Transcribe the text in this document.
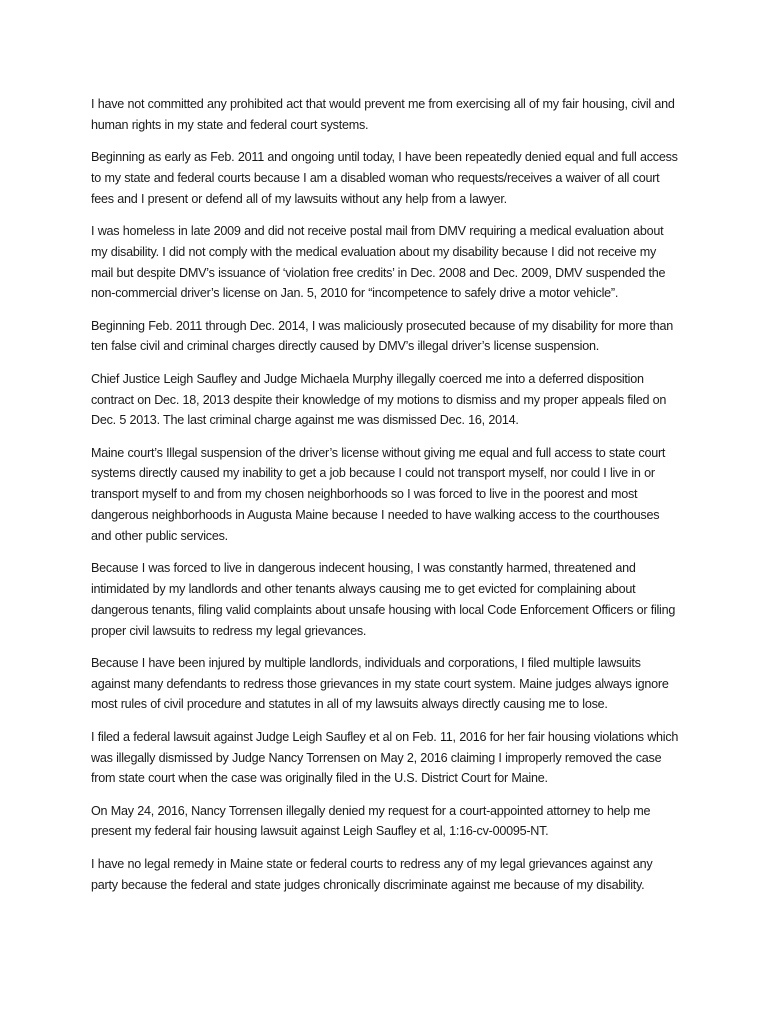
I have not committed any prohibited act that would prevent me from exercising all of my fair housing, civil and human rights in my state and federal court systems.

Beginning as early as Feb. 2011 and ongoing until today, I have been repeatedly denied equal and full access to my state and federal courts because I am a disabled woman who requests/receives a waiver of all court fees and I present or defend all of my lawsuits without any help from a lawyer.

I was homeless in late 2009 and did not receive postal mail from DMV requiring a medical evaluation about my disability. I did not comply with the medical evaluation about my disability because I did not receive my mail but despite DMV’s issuance of ‘violation free credits’ in Dec. 2008 and Dec. 2009, DMV suspended the non-commercial driver’s license on Jan. 5, 2010 for “incompetence to safely drive a motor vehicle”.

Beginning Feb. 2011 through Dec. 2014, I was maliciously prosecuted because of my disability for more than ten false civil and criminal charges directly caused by DMV’s illegal driver’s license suspension.

Chief Justice Leigh Saufley and Judge Michaela Murphy illegally coerced me into a deferred disposition contract on Dec. 18, 2013 despite their knowledge of my motions to dismiss and my proper appeals filed on Dec. 5 2013. The last criminal charge against me was dismissed Dec. 16, 2014.

Maine court’s Illegal suspension of the driver’s license without giving me equal and full access to state court systems directly caused my inability to get a job because I could not transport myself, nor could I live in or transport myself to and from my chosen neighborhoods so I was forced to live in the poorest and most dangerous neighborhoods in Augusta Maine because I needed to have walking access to the courthouses and other public services.

Because I was forced to live in dangerous indecent housing, I was constantly harmed, threatened and intimidated by my landlords and other tenants always causing me to get evicted for complaining about dangerous tenants, filing valid complaints about unsafe housing with local Code Enforcement Officers or filing proper civil lawsuits to redress my legal grievances.

Because I have been injured by multiple landlords, individuals and corporations, I filed multiple lawsuits against many defendants to redress those grievances in my state court system. Maine judges always ignore most rules of civil procedure and statutes in all of my lawsuits always directly causing me to lose.

I filed a federal lawsuit against Judge Leigh Saufley et al on Feb. 11, 2016 for her fair housing violations which was illegally dismissed by Judge Nancy Torrensen on May 2, 2016 claiming I improperly removed the case from state court when the case was originally filed in the U.S. District Court for Maine.

On May 24, 2016, Nancy Torrensen illegally denied my request for a court-appointed attorney to help me present my federal fair housing lawsuit against Leigh Saufley et al, 1:16-cv-00095-NT.

I have no legal remedy in Maine state or federal courts to redress any of my legal grievances against any party because the federal and state judges chronically discriminate against me because of my disability.
